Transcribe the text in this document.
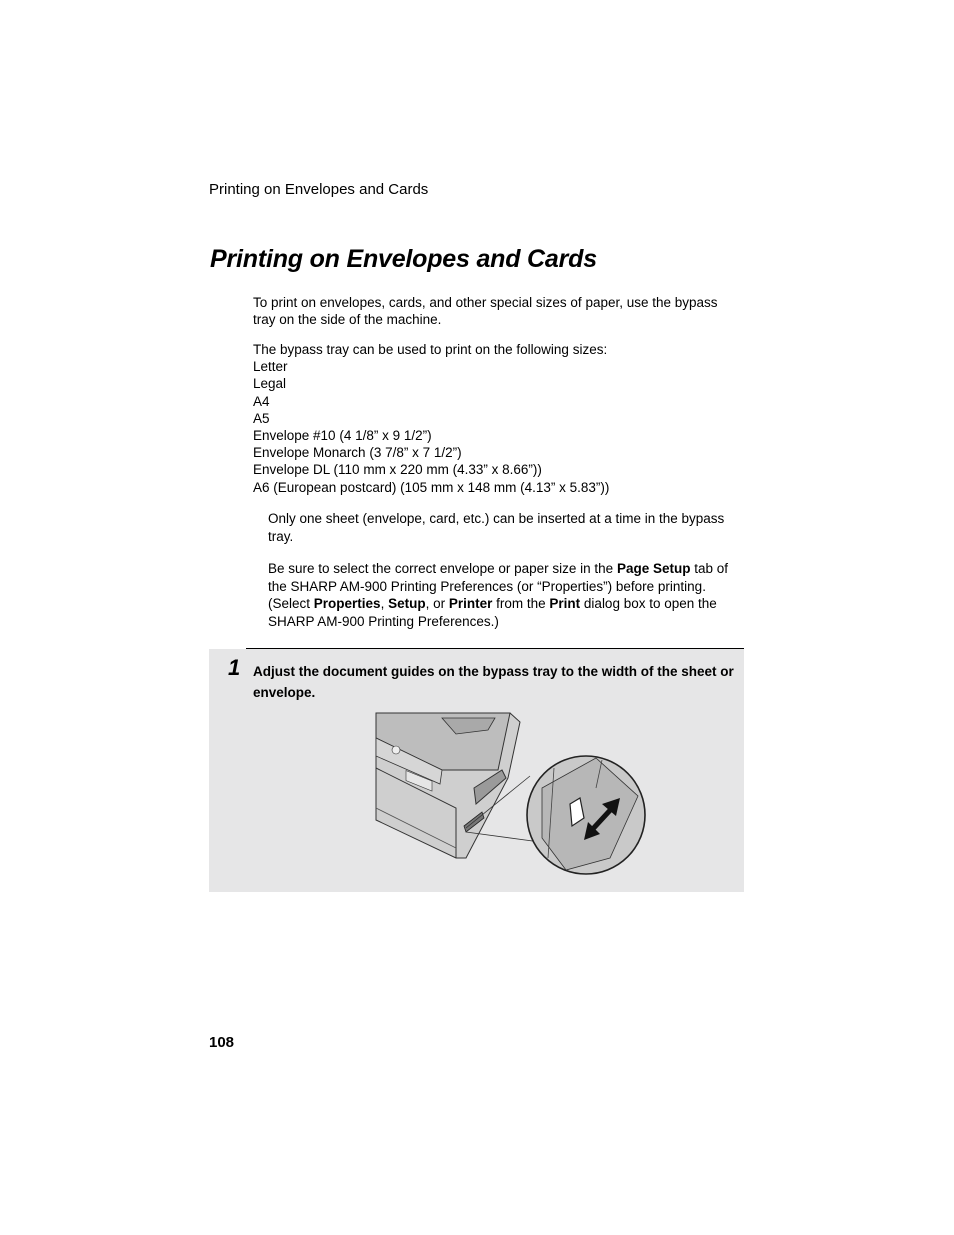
Printing on Envelopes and Cards
Printing on Envelopes and Cards
To print on envelopes, cards, and other special sizes of paper, use the bypass tray on the side of the machine.
The bypass tray can be used to print on the following sizes:
Letter
Legal
A4
A5
Envelope #10 (4 1/8” x 9 1/2”)
Envelope Monarch (3 7/8” x 7 1/2”)
Envelope DL (110 mm x 220 mm (4.33” x 8.66”))
A6 (European postcard) (105 mm x 148 mm (4.13” x 5.83”))
Only one sheet (envelope, card, etc.) can be inserted at a time in the bypass tray.
Be sure to select the correct envelope or paper size in the Page Setup tab of the SHARP AM-900 Printing Preferences (or “Properties”) before printing. (Select Properties, Setup, or Printer from the Print dialog box to open the SHARP AM-900 Printing Preferences.)
1 Adjust the document guides on the bypass tray to the width of the sheet or envelope.
108
